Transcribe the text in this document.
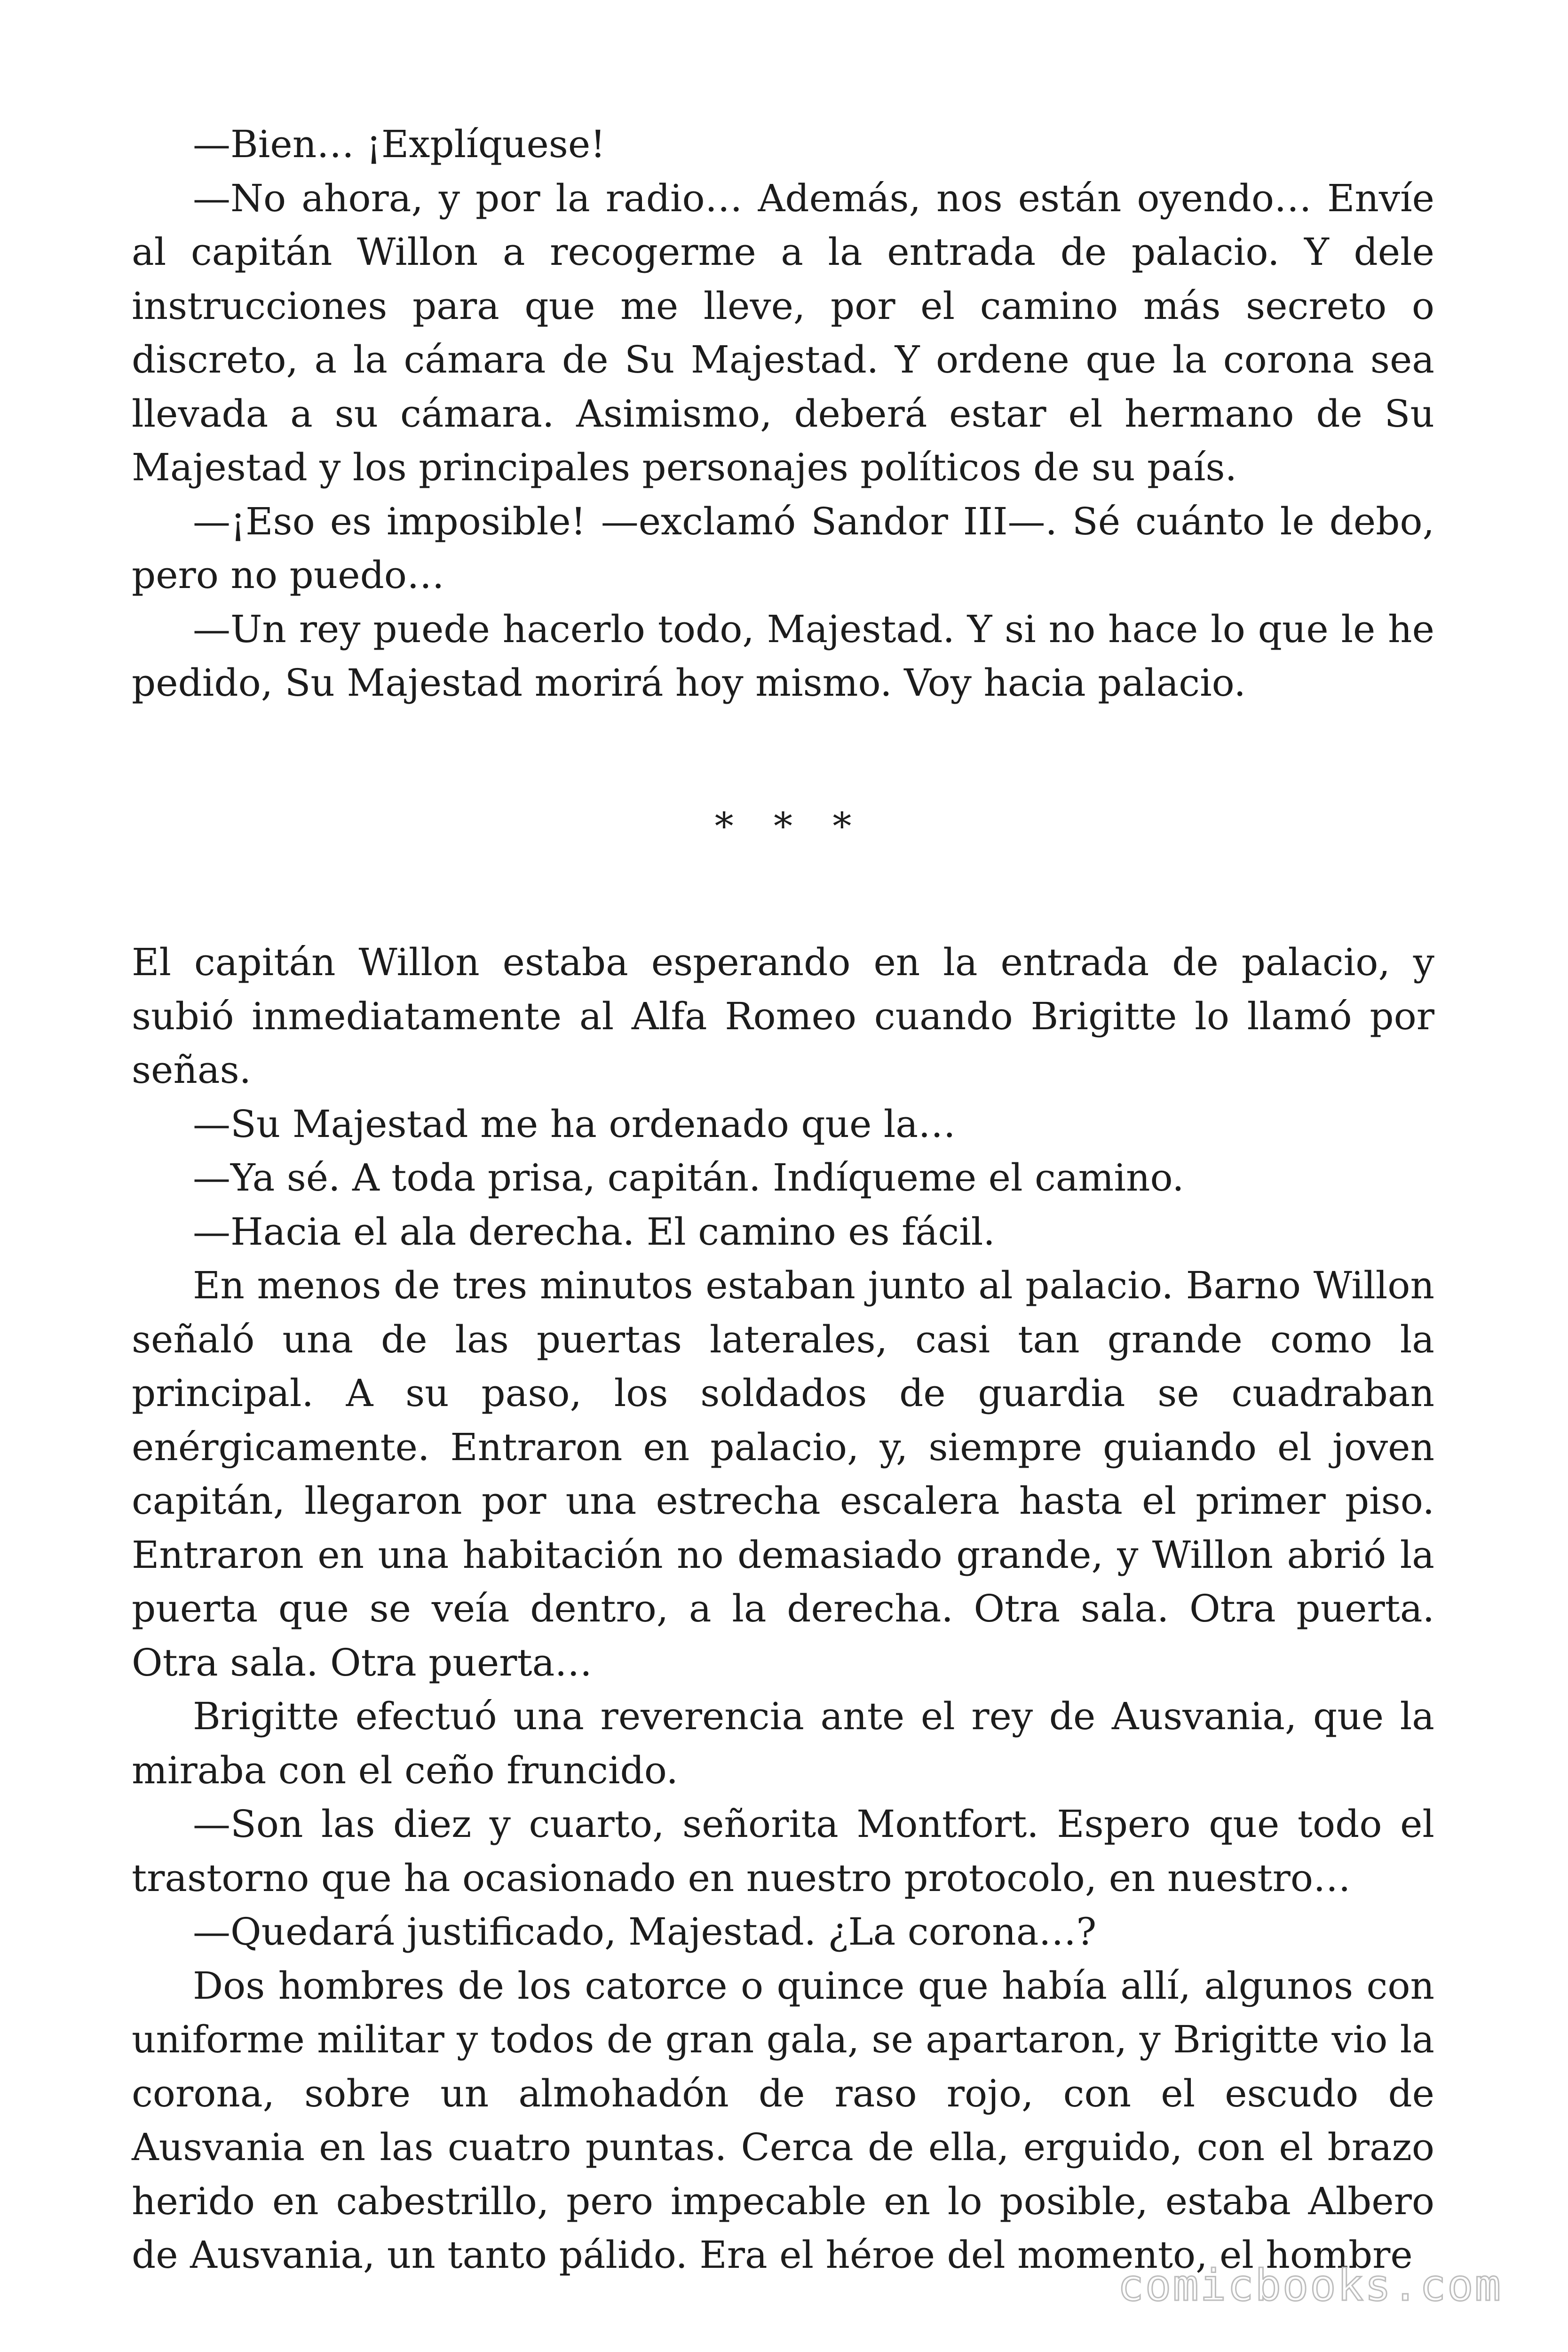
—Bien… ¡Explíquese!

—No ahora, y por la radio… Además, nos están oyendo… Envíe al capitán Willon a recogerme a la entrada de palacio. Y dele instrucciones para que me lleve, por el camino más secreto o discreto, a la cámara de Su Majestad. Y ordene que la corona sea llevada a su cámara. Asimismo, deberá estar el hermano de Su Majestad y los principales personajes políticos de su país.

—¡Eso es imposible! —exclamó Sandor III—. Sé cuánto le debo, pero no puedo…

—Un rey puede hacerlo todo, Majestad. Y si no hace lo que le he pedido, Su Majestad morirá hoy mismo. Voy hacia palacio.

* * *

El capitán Willon estaba esperando en la entrada de palacio, y subió inmediatamente al Alfa Romeo cuando Brigitte lo llamó por señas.

—Su Majestad me ha ordenado que la…

—Ya sé. A toda prisa, capitán. Indíqueme el camino.

—Hacia el ala derecha. El camino es fácil.

En menos de tres minutos estaban junto al palacio. Barno Willon señaló una de las puertas laterales, casi tan grande como la principal. A su paso, los soldados de guardia se cuadraban enérgicamente. Entraron en palacio, y, siempre guiando el joven capitán, llegaron por una estrecha escalera hasta el primer piso. Entraron en una habitación no demasiado grande, y Willon abrió la puerta que se veía dentro, a la derecha. Otra sala. Otra puerta. Otra sala. Otra puerta…

Brigitte efectuó una reverencia ante el rey de Ausvania, que la miraba con el ceño fruncido.

—Son las diez y cuarto, señorita Montfort. Espero que todo el trastorno que ha ocasionado en nuestro protocolo, en nuestro…

—Quedará justificado, Majestad. ¿La corona…?

Dos hombres de los catorce o quince que había allí, algunos con uniforme militar y todos de gran gala, se apartaron, y Brigitte vio la corona, sobre un almohadón de raso rojo, con el escudo de Ausvania en las cuatro puntas. Cerca de ella, erguido, con el brazo herido en cabestrillo, pero impecable en lo posible, estaba Albero de Ausvania, un tanto pálido. Era el héroe del momento, el hombre

comicbooks.com
